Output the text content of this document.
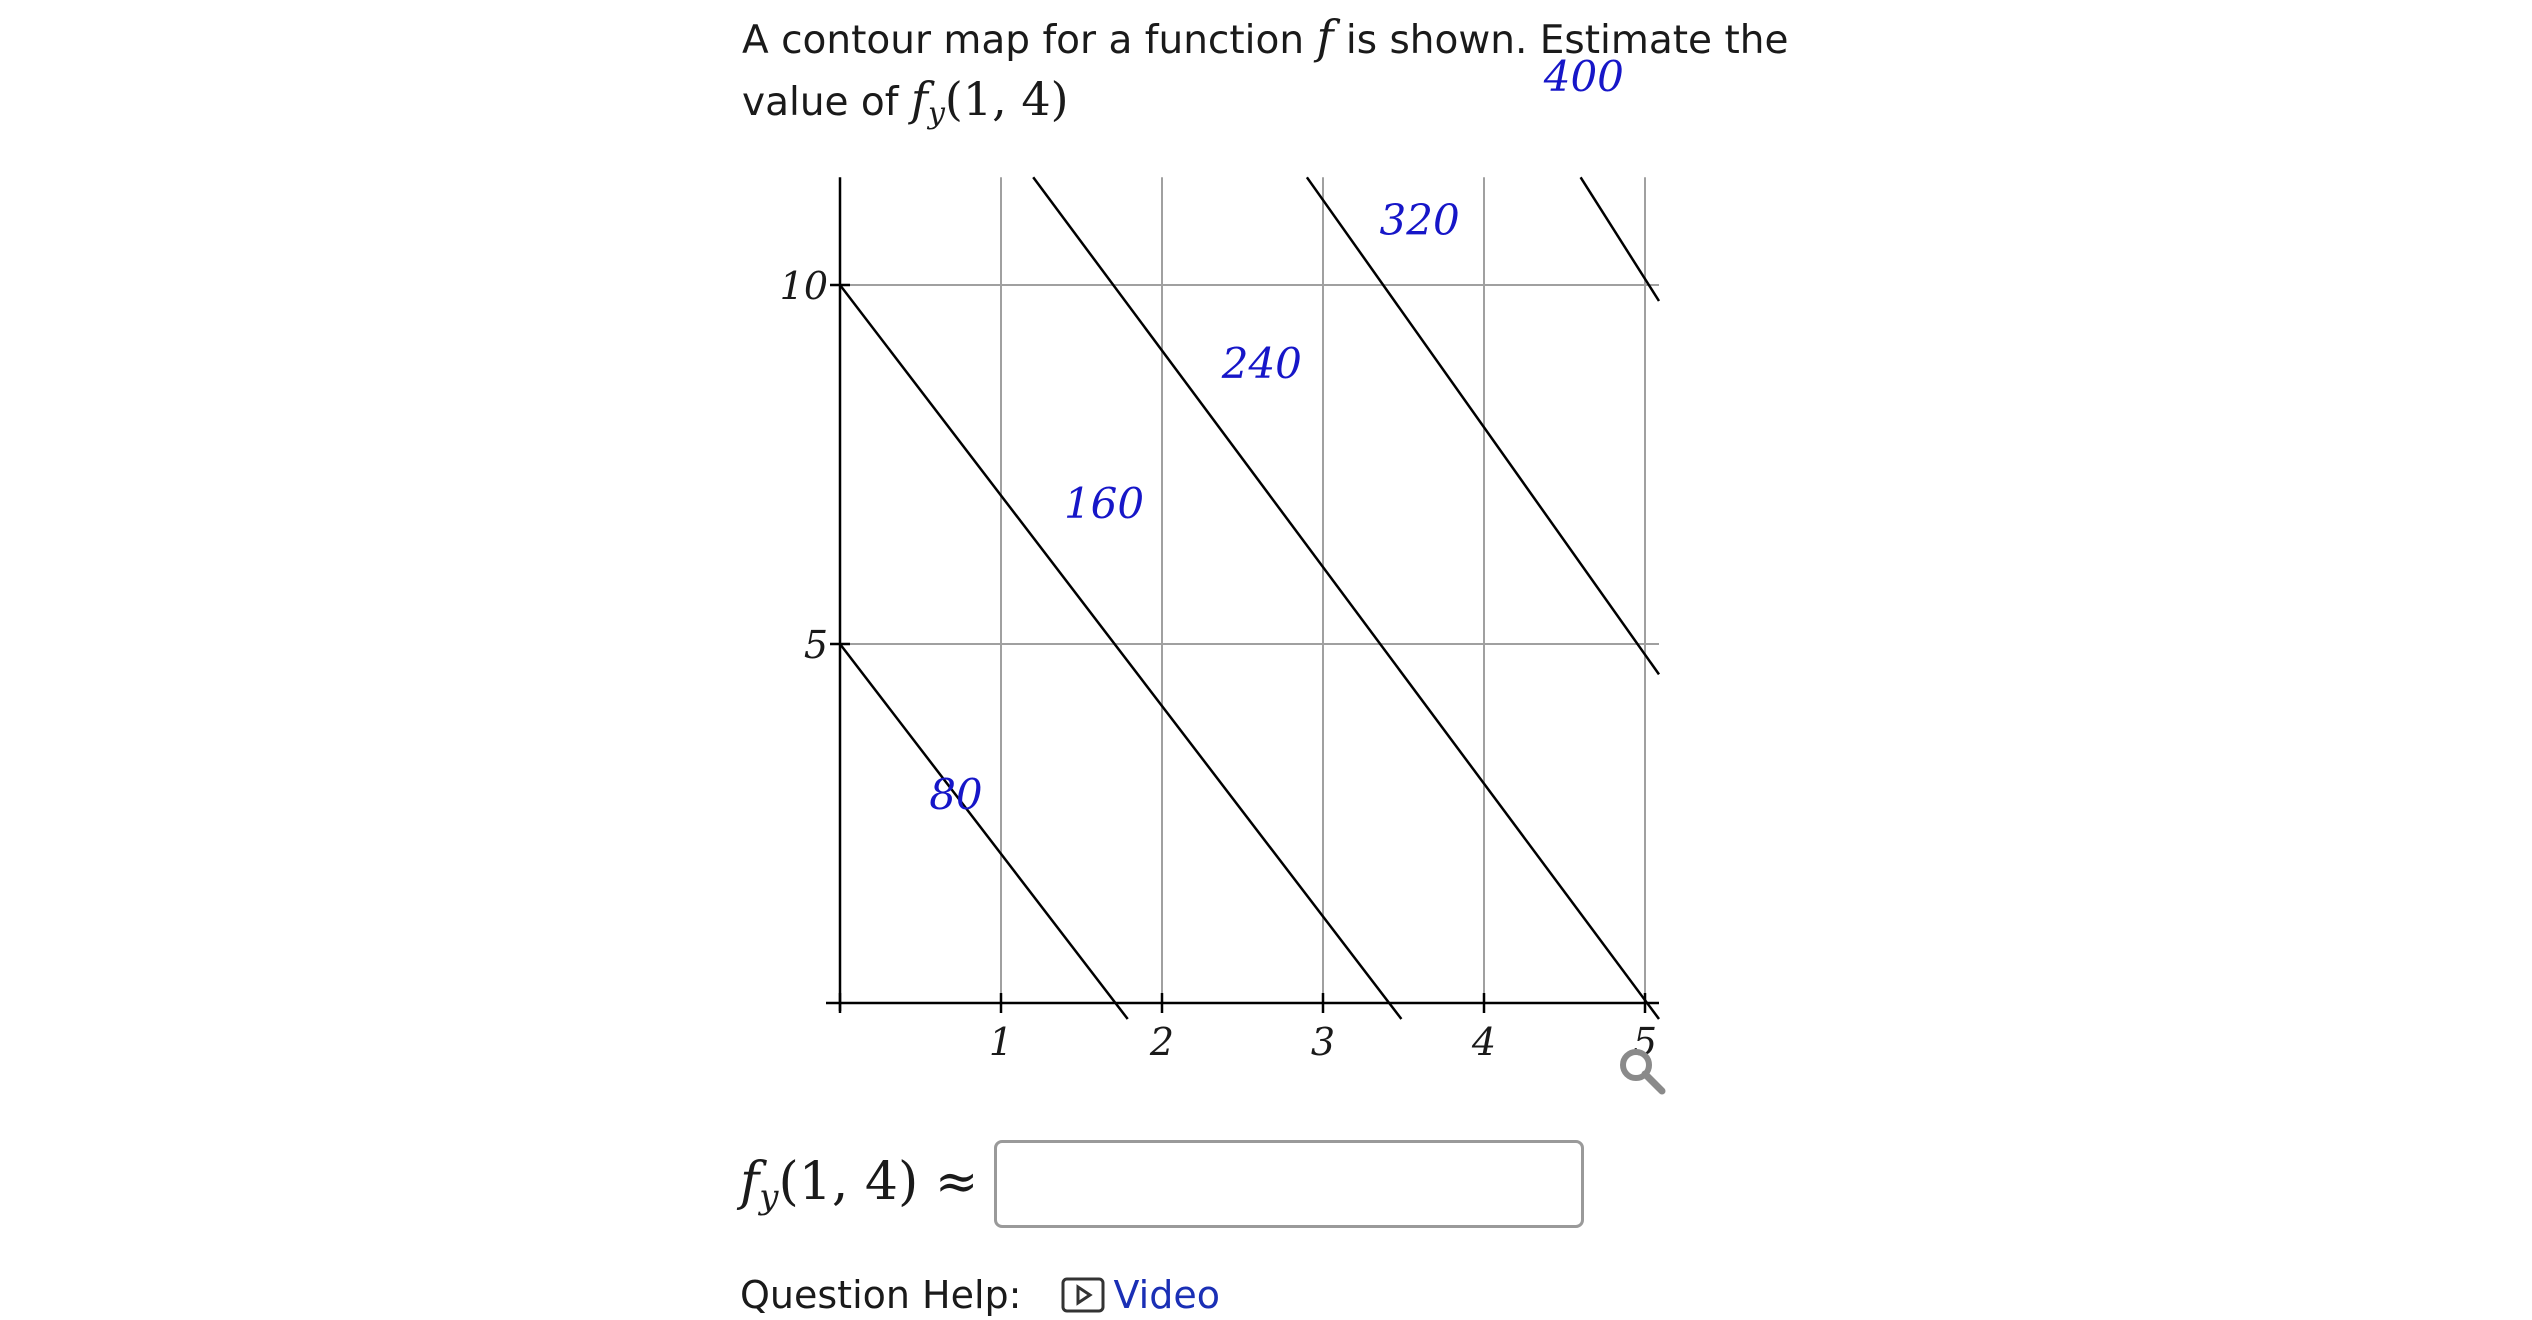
A contour map for a function f is shown. Estimate the value of $f_y(1$, 4)
1	2	3	4	5
5
10
80
160
240
320
400
$f_y(1$, 4) ≈
Question Help: Video
